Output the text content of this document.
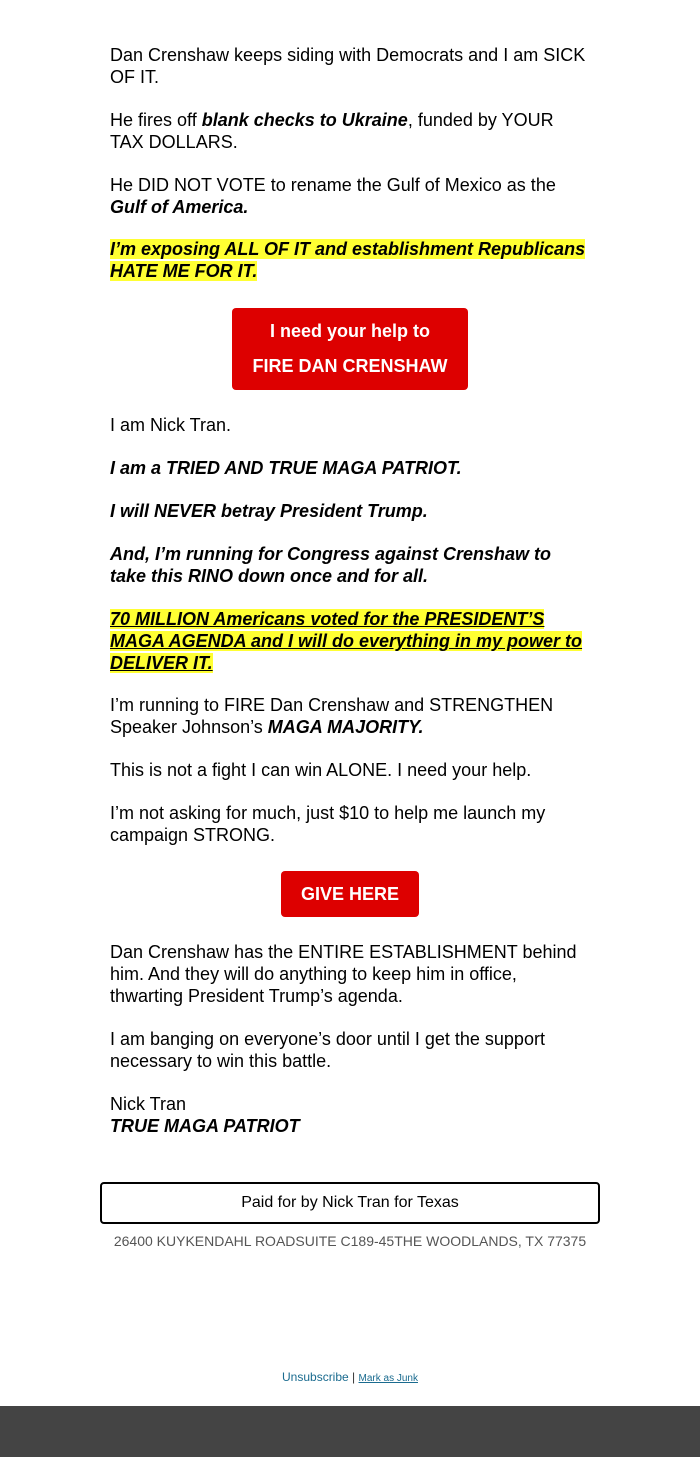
Dan Crenshaw keeps siding with Democrats and I am SICK OF IT.

He fires off blank checks to Ukraine, funded by YOUR TAX DOLLARS.

He DID NOT VOTE to rename the Gulf of Mexico as the Gulf of America.

I’m exposing ALL OF IT and establishment Republicans HATE ME FOR IT.

I am Nick Tran.

I am a TRIED AND TRUE MAGA PATRIOT.

I will NEVER betray President Trump.

And, I’m running for Congress against Crenshaw to take this RINO down once and for all.

70 MILLION Americans voted for the PRESIDENT’S MAGA AGENDA and I will do everything in my power to DELIVER IT.

I’m running to FIRE Dan Crenshaw and STRENGTHEN Speaker Johnson’s MAGA MAJORITY.

This is not a fight I can win ALONE. I need your help.

I’m not asking for much, just $10 to help me launch my campaign STRONG.

Dan Crenshaw has the ENTIRE ESTABLISHMENT behind him. And they will do anything to keep him in office, thwarting President Trump’s agenda.

I am banging on everyone’s door until I get the support necessary to win this battle.

Nick Tran
TRUE MAGA PATRIOT

I need your help to
FIRE DAN CRENSHAW
GIVE HERE
Paid for by Nick Tran for Texas
26400 KUYKENDAHL ROADSUITE C189-45THE WOODLANDS, TX 77375
Unsubscribe | Mark as Junk
